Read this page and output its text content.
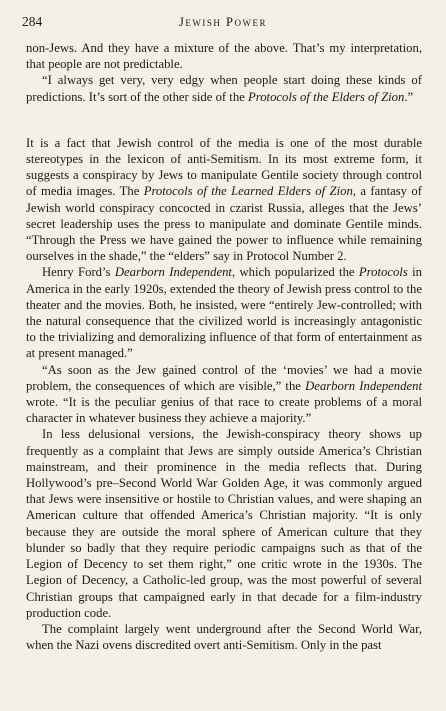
284	Jewish Power

non-Jews. And they have a mixture of the above. That’s my interpretation, that people are not predictable.

“I always get very, very edgy when people start doing these kinds of predictions. It’s sort of the other side of the Protocols of the Elders of Zion.”

It is a fact that Jewish control of the media is one of the most durable stereotypes in the lexicon of anti-Semitism. In its most extreme form, it suggests a conspiracy by Jews to manipulate Gentile society through control of media images. The Protocols of the Learned Elders of Zion, a fantasy of Jewish world conspiracy concocted in czarist Russia, alleges that the Jews’ secret leadership uses the press to manipulate and dominate Gentile minds. “Through the Press we have gained the power to influence while remaining ourselves in the shade,” the “elders” say in Protocol Number 2.

Henry Ford’s Dearborn Independent, which popularized the Protocols in America in the early 1920s, extended the theory of Jewish press control to the theater and the movies. Both, he insisted, were “entirely Jew-controlled; with the natural consequence that the civilized world is increasingly antagonistic to the trivializing and demoralizing influence of that form of entertainment as at present managed.”

“As soon as the Jew gained control of the ‘movies’ we had a movie problem, the consequences of which are visible,” the Dearborn Independent wrote. “It is the peculiar genius of that race to create problems of a moral character in whatever business they achieve a majority.”

In less delusional versions, the Jewish-conspiracy theory shows up frequently as a complaint that Jews are simply outside America’s Christian mainstream, and their prominence in the media reflects that. During Hollywood’s pre–Second World War Golden Age, it was commonly argued that Jews were insensitive or hostile to Christian values, and were shaping an American culture that offended America’s Christian majority. “It is only because they are outside the moral sphere of American culture that they blunder so badly that they require periodic campaigns such as that of the Legion of Decency to set them right,” one critic wrote in the 1930s. The Legion of Decency, a Catholic-led group, was the most powerful of several Christian groups that campaigned early in that decade for a film-industry production code.

The complaint largely went underground after the Second World War, when the Nazi ovens discredited overt anti-Semitism. Only in the past
